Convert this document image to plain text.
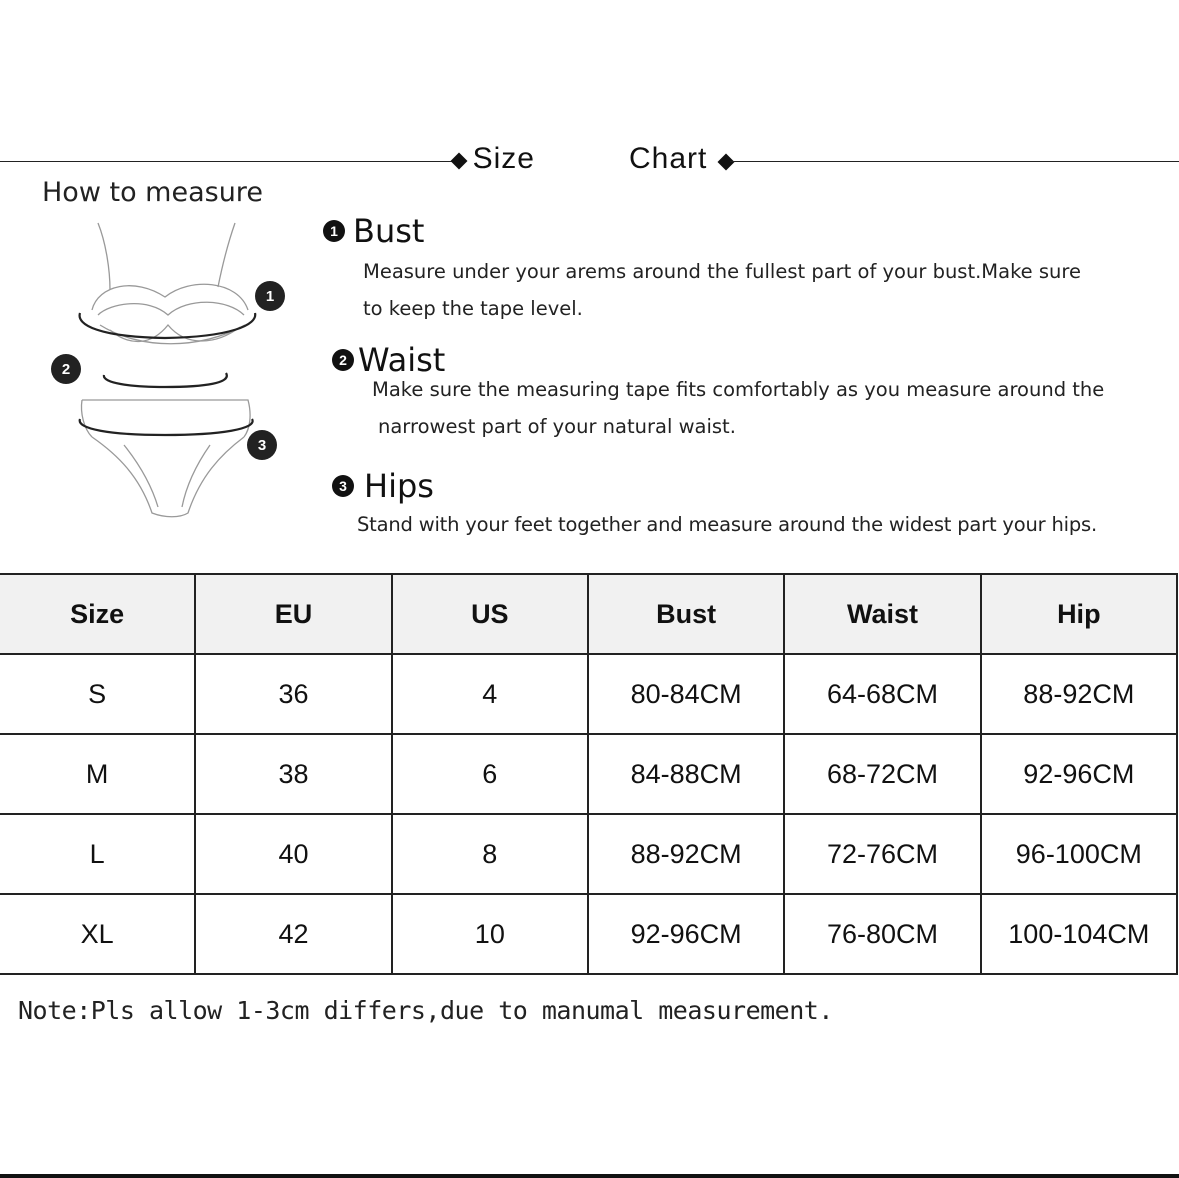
Size   Chart
How to measure
1
2
3
1 Bust
Measure under your arems around the fullest part of your bust.Make sure
to keep the tape level.
2 Waist
Make sure the measuring tape fits comfortably as you measure around the
narrowest part of your natural waist.
3 Hips
Stand with your feet together and measure around the widest part your hips.
Size	EU	US	Bust	Waist	Hip
S	36	4	80-84CM	64-68CM	88-92CM
M	38	6	84-88CM	68-72CM	92-96CM
L	40	8	88-92CM	72-76CM	96-100CM
XL	42	10	92-96CM	76-80CM	100-104CM
Note:Pls allow 1-3cm differs,due to manumal measurement.
